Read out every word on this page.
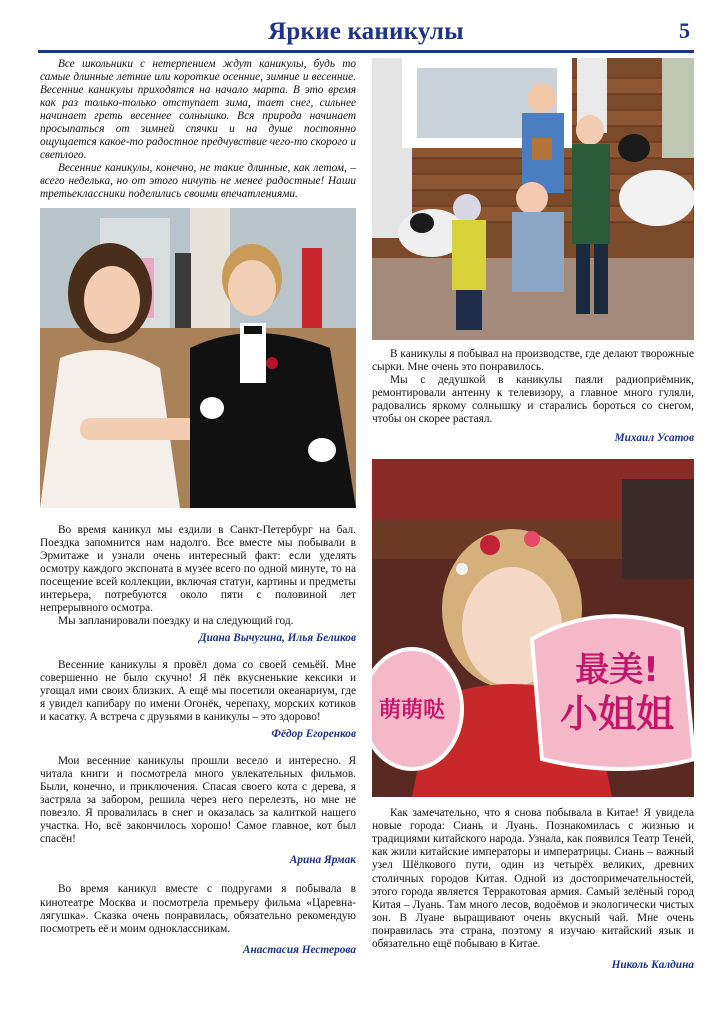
Яркие каникулы	5

Все школьники с нетерпением ждут каникулы, будь то самые длинные летние или короткие осенние, зимние и весенние. Весенние каникулы приходятся на начало марта. В это время как раз только-только отступает зима, тает снег, сильнее начинает греть весеннее солнышко. Вся природа начинает просыпаться от зимней спячки и на душе постоянно ощущается какое-то радостное предчувствие чего-то скорого и светлого.

Весенние каникулы, конечно, не такие длинные, как летом, – всего неделька, но от этого ничуть не менее радостные! Наши третьеклассники поделились своими впечатлениями.

Во время каникул мы ездили в Санкт-Петербург на бал. Поездка запомнится нам надолго. Все вместе мы побывали в Эрмитаже и узнали очень интересный факт: если уделять осмотру каждого экспоната в музее всего по одной минуте, то на посещение всей коллекции, включая статуи, картины и предметы интерьера, потребуются около пяти с половиной лет непрерывного осмотра.

Мы запланировали поездку и на следующий год.

Диана Вычугина, Илья Беликов

Весенние каникулы я провёл дома со своей семьёй. Мне совершенно не было скучно! Я пёк вкусненькие кексики и угощал ими своих близких. А ещё мы посетили океанариум, где я увидел капибару по имени Огонёк, черепаху, морских котиков и касатку. А встреча с друзьями в каникулы – это здорово!

Фёдор Егоренков

Мои весенние каникулы прошли весело и интересно. Я читала книги и посмотрела много увлекательных фильмов. Были, конечно, и приключения. Спасая своего кота с дерева, я застряла за забором, решила через него перелезть, но мне не повезло. Я провалилась в снег и оказалась за калиткой нашего участка. Но, всё закончилось хорошо! Самое главное, кот был спасён!

Арина Ярмак

Во время каникул вместе с подругами я побывала в кинотеатре Москва и посмотрела премьеру фильма «Царевна-лягушка». Сказка очень понравилась, обязательно рекомендую посмотреть её и моим одноклассникам.

Анастасия Нестерова

В каникулы я побывал на производстве, где делают творожные сырки. Мне очень это понравилось.

Мы с дедушкой в каникулы паяли радиоприёмник, ремонтировали антенну к телевизору, а главное много гуляли, радовались яркому солнышку и старались бороться со снегом, чтобы он скорее растаял.

Михаил Усатов

最美!
小姐姐
萌萌哒

Как замечательно, что я снова побывала в Китае! Я увидела новые города: Сиань и Луань. Познакомилась с жизнью и традициями китайского народа. Узнала, как появился Театр Теней, как жили китайские императоры и императрицы. Сиань – важный узел Шёлкового пути, один из четырёх великих, древних столичных городов Китая. Одной из достопримечательностей, этого города является Терракотовая армия. Самый зелёный город Китая – Луань. Там много лесов, водоёмов и экологически чистых зон. В Луане выращивают очень вкусный чай. Мне очень понравилась эта страна, поэтому я изучаю китайский язык и обязательно ещё побываю в Китае.

Николь Калдина
